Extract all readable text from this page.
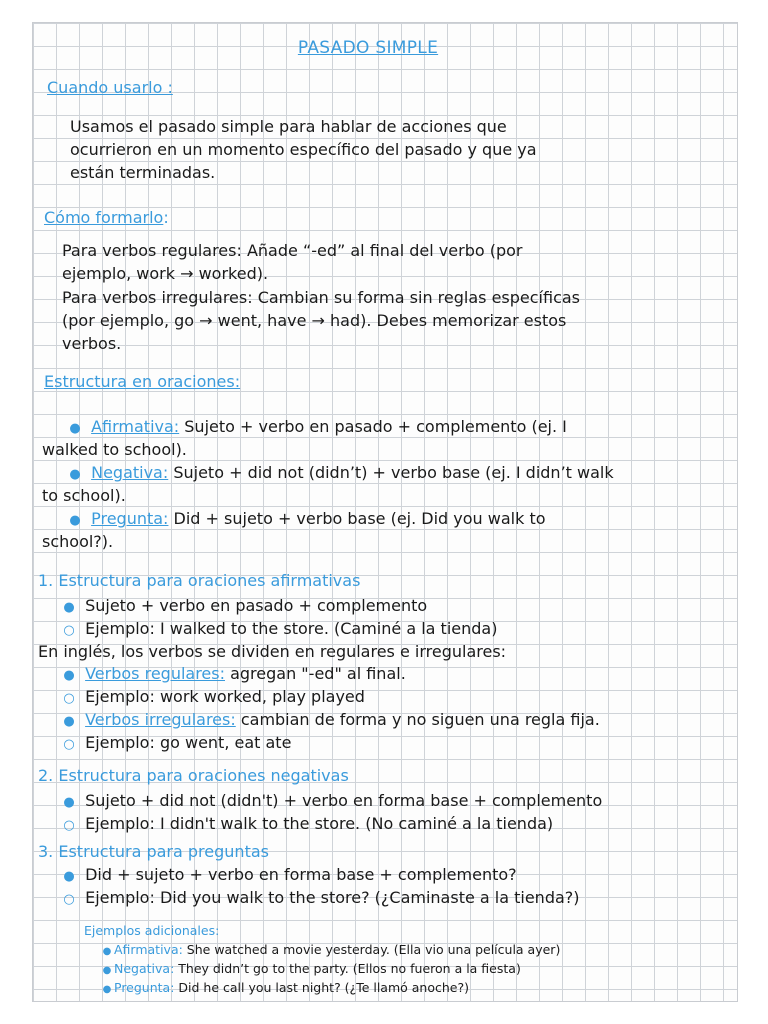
PASADO SIMPLE
Cuando usarlo :
Usamos el pasado simple para hablar de acciones que
ocurrieron en un momento específico del pasado y que ya
están terminadas.
Cómo formarlo:
Para verbos regulares: Añade “-ed” al final del verbo (por
ejemplo, work → worked).
Para verbos irregulares: Cambian su forma sin reglas específicas
(por ejemplo, go → went, have → had). Debes memorizar estos
verbos.
Estructura en oraciones:
● Afirmativa: Sujeto + verbo en pasado + complemento (ej. I
walked to school).
● Negativa: Sujeto + did not (didn’t) + verbo base (ej. I didn’t walk
to school).
● Pregunta: Did + sujeto + verbo base (ej. Did you walk to
school?).
1. Estructura para oraciones afirmativas
● Sujeto + verbo en pasado + complemento
○ Ejemplo: I walked to the store. (Caminé a la tienda)
En inglés, los verbos se dividen en regulares e irregulares:
● Verbos regulares: agregan "-ed" al final.
○ Ejemplo: work worked, play played
● Verbos irregulares: cambian de forma y no siguen una regla fija.
○ Ejemplo: go went, eat ate
2. Estructura para oraciones negativas
● Sujeto + did not (didn't) + verbo en forma base + complemento
○ Ejemplo: I didn't walk to the store. (No caminé a la tienda)
3. Estructura para preguntas
● Did + sujeto + verbo en forma base + complemento?
○ Ejemplo: Did you walk to the store? (¿Caminaste a la tienda?)
Ejemplos adicionales:
● Afirmativa: She watched a movie yesterday. (Ella vio una película ayer)
● Negativa: They didn’t go to the party. (Ellos no fueron a la fiesta)
● Pregunta: Did he call you last night? (¿Te llamó anoche?)
